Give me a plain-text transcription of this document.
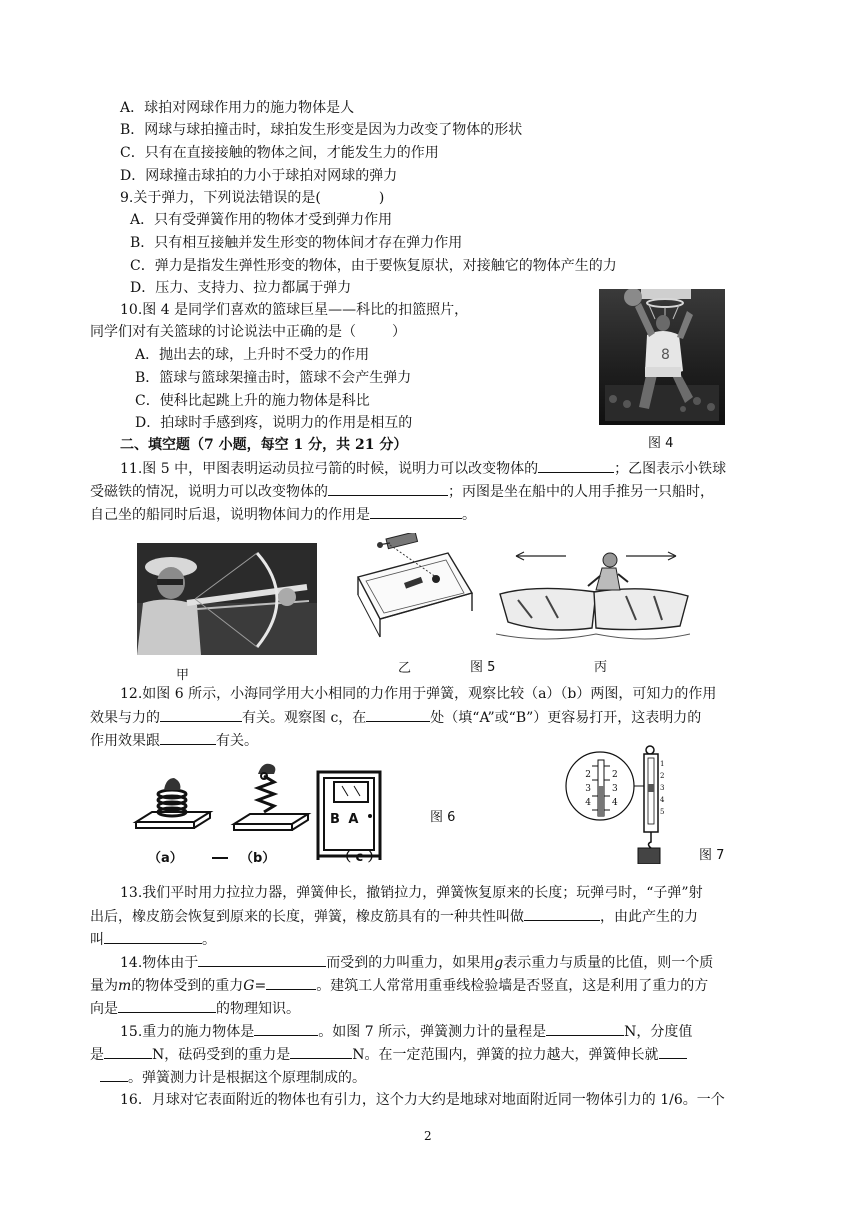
A．球拍对网球作用力的施力物体是人
B．网球与球拍撞击时，球拍发生形变是因为力改变了物体的形状
C．只有在直接接触的物体之间，才能发生力的作用
D．网球撞击球拍的力小于球拍对网球的弹力
9.关于弹力，下列说法错误的是(	)
A．只有受弹簧作用的物体才受到弹力作用
B．只有相互接触并发生形变的物体间才存在弹力作用
C．弹力是指发生弹性形变的物体，由于要恢复原状，对接触它的物体产生的力
D．压力、支持力、拉力都属于弹力
10.图 4 是同学们喜欢的篮球巨星——科比的扣篮照片，
同学们对有关篮球的讨论说法中正确的是（	）
A．抛出去的球，上升时不受力的作用
B．篮球与篮球架撞击时，篮球不会产生弹力
C．使科比起跳上升的施力物体是科比
D．拍球时手感到疼，说明力的作用是相互的
8
图 4
二、填空题（7 小题，每空 1 分，共 21 分）
11.图 5 中，甲图表明运动员拉弓箭的时候，说明力可以改变物体的	；乙图表示小铁球
受磁铁的情况，说明力可以改变物体的	；丙图是坐在船中的人用手推另一只船时，
自己坐的船同时后退，说明物体间力的作用是	。
甲	乙	图 5	丙
12.如图 6 所示，小海同学用大小相同的力作用于弹簧，观察比较（a）（b）两图，可知力的作用
效果与力的	有关。观察图 c，在	处（填“A”或“B”）更容易打开，这表明力的
作用效果跟	有关。
（a）	（b）
B A
（ c ）
图 6
2
3
4
2
3
4
1
2
3
4
5
图 7
13.我们平时用力拉拉力器，弹簧伸长，撤销拉力，弹簧恢复原来的长度；玩弹弓时，“子弹”射
出后，橡皮筋会恢复到原来的长度，弹簧，橡皮筋具有的一种共性叫做	，由此产生的力
叫	。
14.物体由于	而受到的力叫重力，如果用g表示重力与质量的比值，则一个质
量为m的物体受到的重力G=	。建筑工人常常用重垂线检验墙是否竖直，这是利用了重力的方
向是	的物理知识。
15.重力的施力物体是	。如图 7 所示，弹簧测力计的量程是	N，分度值
是	N，砝码受到的重力是	N。在一定范围内，弹簧的拉力越大，弹簧伸长就
。弹簧测力计是根据这个原理制成的。
16．月球对它表面附近的物体也有引力，这个力大约是地球对地面附近同一物体引力的 1/6。一个
2
